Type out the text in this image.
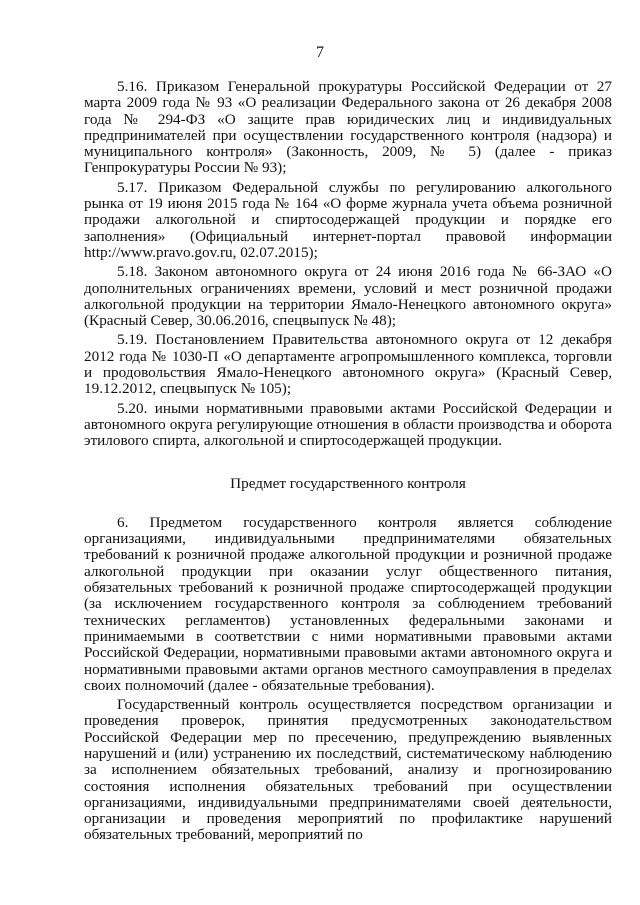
7

5.16. Приказом Генеральной прокуратуры Российской Федерации от 27 марта 2009 года № 93 «О реализации Федерального закона от 26 декабря 2008 года № 294-ФЗ «О защите прав юридических лиц и индивидуальных предпринимателей при осуществлении государственного контроля (надзора) и муниципального контроля» (Законность, 2009, № 5) (далее - приказ Генпрокуратуры России № 93);

5.17. Приказом Федеральной службы по регулированию алкогольного рынка от 19 июня 2015 года № 164 «О форме журнала учета объема розничной продажи алкогольной и спиртосодержащей продукции и порядке его заполнения» (Официальный интернет-портал правовой информации http://www.pravo.gov.ru, 02.07.2015);

5.18. Законом автономного округа от 24 июня 2016 года № 66-ЗАО «О дополнительных ограничениях времени, условий и мест розничной продажи алкогольной продукции на территории Ямало-Ненецкого автономного округа» (Красный Север, 30.06.2016, спецвыпуск № 48);

5.19. Постановлением Правительства автономного округа от 12 декабря 2012 года № 1030-П «О департаменте агропромышленного комплекса, торговли и продовольствия Ямало-Ненецкого автономного округа» (Красный Север, 19.12.2012, спецвыпуск № 105);

5.20. иными нормативными правовыми актами Российской Федерации и автономного округа регулирующие отношения в области производства и оборота этилового спирта, алкогольной и спиртосодержащей продукции.

Предмет государственного контроля

6. Предметом государственного контроля является соблюдение организациями, индивидуальными предпринимателями обязательных требований к розничной продаже алкогольной продукции и розничной продаже алкогольной продукции при оказании услуг общественного питания, обязательных требований к розничной продаже спиртосодержащей продукции (за исключением государственного контроля за соблюдением требований технических регламентов) установленных федеральными законами и принимаемыми в соответствии с ними нормативными правовыми актами Российской Федерации, нормативными правовыми актами автономного округа и нормативными правовыми актами органов местного самоуправления в пределах своих полномочий (далее - обязательные требования).

Государственный контроль осуществляется посредством организации и проведения проверок, принятия предусмотренных законодательством Российской Федерации мер по пресечению, предупреждению выявленных нарушений и (или) устранению их последствий, систематическому наблюдению за исполнением обязательных требований, анализу и прогнозированию состояния исполнения обязательных требований при осуществлении организациями, индивидуальными предпринимателями своей деятельности, организации и проведения мероприятий по профилактике нарушений обязательных требований, мероприятий по
